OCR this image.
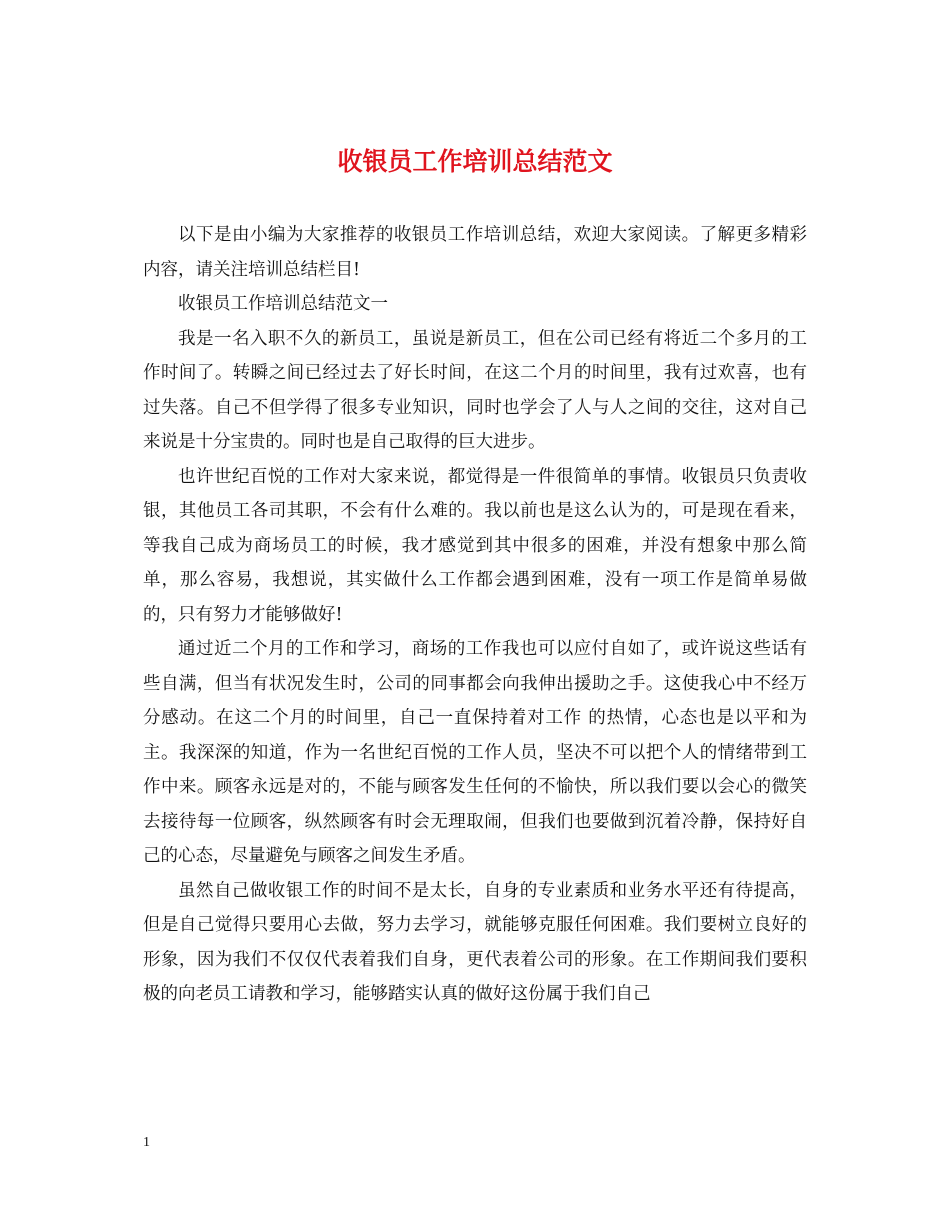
收银员工作培训总结范文

以下是由小编为大家推荐的收银员工作培训总结，欢迎大家阅读。了解更多精彩内容，请关注培训总结栏目!

收银员工作培训总结范文一

我是一名入职不久的新员工，虽说是新员工，但在公司已经有将近二个多月的工作时间了。转瞬之间已经过去了好长时间，在这二个月的时间里，我有过欢喜，也有过失落。自己不但学得了很多专业知识，同时也学会了人与人之间的交往，这对自己来说是十分宝贵的。同时也是自己取得的巨大进步。

也许世纪百悦的工作对大家来说，都觉得是一件很简单的事情。收银员只负责收银，其他员工各司其职，不会有什么难的。我以前也是这么认为的，可是现在看来，等我自己成为商场员工的时候，我才感觉到其中很多的困难，并没有想象中那么简单，那么容易，我想说，其实做什么工作都会遇到困难，没有一项工作是简单易做的，只有努力才能够做好!

通过近二个月的工作和学习，商场的工作我也可以应付自如了，或许说这些话有些自满，但当有状况发生时，公司的同事都会向我伸出援助之手。这使我心中不经万分感动。在这二个月的时间里，自己一直保持着对工作 的热情，心态也是以平和为主。我深深的知道，作为一名世纪百悦的工作人员，坚决不可以把个人的情绪带到工作中来。顾客永远是对的，不能与顾客发生任何的不愉快，所以我们要以会心的微笑去接待每一位顾客，纵然顾客有时会无理取闹，但我们也要做到沉着冷静，保持好自己的心态，尽量避免与顾客之间发生矛盾。

虽然自己做收银工作的时间不是太长，自身的专业素质和业务水平还有待提高，但是自己觉得只要用心去做，努力去学习，就能够克服任何困难。我们要树立良好的形象，因为我们不仅仅代表着我们自身，更代表着公司的形象。在工作期间我们要积极的向老员工请教和学习，能够踏实认真的做好这份属于我们自己

1
